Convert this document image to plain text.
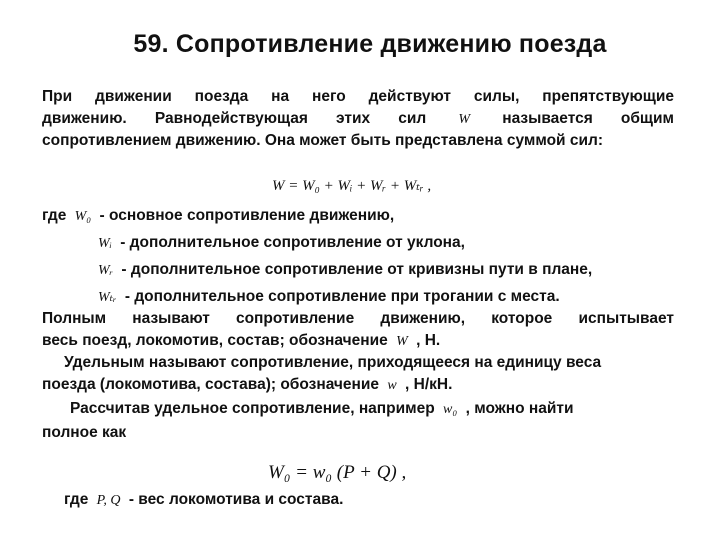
59. Сопротивление движению поезда
При движении поезда на него действуют силы, препятствующие
движению. Равнодействующая этих сил W называется общим
сопротивлением движению. Она может быть представлена суммой сил:
W = W₀ + Wᵢ + Wᵣ + Wₜᵣ ,
где W₀ - основное сопротивление движению,
Wᵢ - дополнительное сопротивление от уклона,
Wᵣ - дополнительное сопротивление от кривизны пути в плане,
Wₜᵣ - дополнительное сопротивление при трогании с места.
Полным называют сопротивление движению, которое испытывает
весь поезд, локомотив, состав; обозначение W , Н.
Удельным называют сопротивление, приходящееся на единицу веса
поезда (локомотива, состава); обозначение w , Н/кН.
Рассчитав удельное сопротивление, например w₀ , можно найти
полное как
W₀ = w₀ (P + Q) ,
где P, Q - вес локомотива и состава.
